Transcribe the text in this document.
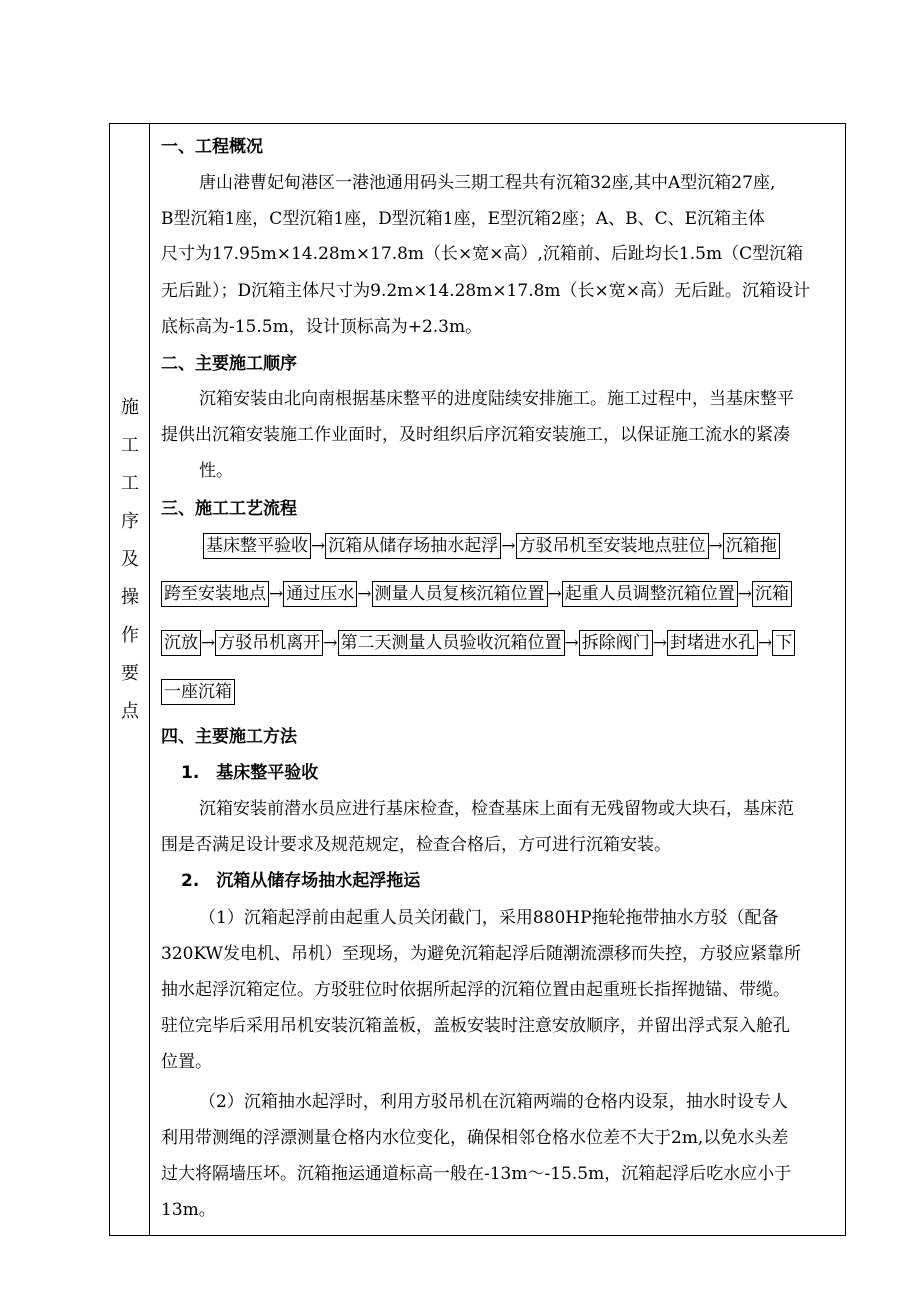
施
工
工
序
及
操
作
要
点
一、工程概况
唐山港曹妃甸港区一港池通用码头三期工程共有沉箱32座,其中A型沉箱27座,
B型沉箱1座，C型沉箱1座，D型沉箱1座，E型沉箱2座；A、B、C、E沉箱主体
尺寸为17.95m×14.28m×17.8m（长×宽×高）,沉箱前、后趾均长1.5m（C型沉箱
无后趾）；D沉箱主体尺寸为9.2m×14.28m×17.8m（长×宽×高）无后趾。沉箱设计
底标高为-15.5m，设计顶标高为+2.3m。
二、主要施工顺序
沉箱安装由北向南根据基床整平的进度陆续安排施工。施工过程中，当基床整平
提供出沉箱安装施工作业面时，及时组织后序沉箱安装施工，以保证施工流水的紧凑
性。
三、施工工艺流程
基床整平验收 → 沉箱从储存场抽水起浮 → 方驳吊机至安装地点驻位 → 沉箱拖
跨至安装地点 → 通过压水 → 测量人员复核沉箱位置 → 起重人员调整沉箱位置 → 沉箱
沉放 → 方驳吊机离开 → 第二天测量人员验收沉箱位置 → 拆除阀门 → 封堵进水孔 → 下
一座沉箱
四、主要施工方法
1.　基床整平验收
沉箱安装前潜水员应进行基床检查，检查基床上面有无残留物或大块石，基床范
围是否满足设计要求及规范规定，检查合格后，方可进行沉箱安装。
2.　沉箱从储存场抽水起浮拖运
（1）沉箱起浮前由起重人员关闭截门，采用880HP拖轮拖带抽水方驳（配备
320KW发电机、吊机）至现场，为避免沉箱起浮后随潮流漂移而失控，方驳应紧靠所
抽水起浮沉箱定位。方驳驻位时依据所起浮的沉箱位置由起重班长指挥抛锚、带缆。
驻位完毕后采用吊机安装沉箱盖板，盖板安装时注意安放顺序，并留出浮式泵入舱孔
位置。
（2）沉箱抽水起浮时，利用方驳吊机在沉箱两端的仓格内设泵，抽水时设专人
利用带测绳的浮漂测量仓格内水位变化，确保相邻仓格水位差不大于2m,以免水头差
过大将隔墙压坏。沉箱拖运通道标高一般在-13m～-15.5m，沉箱起浮后吃水应小于
13m。
